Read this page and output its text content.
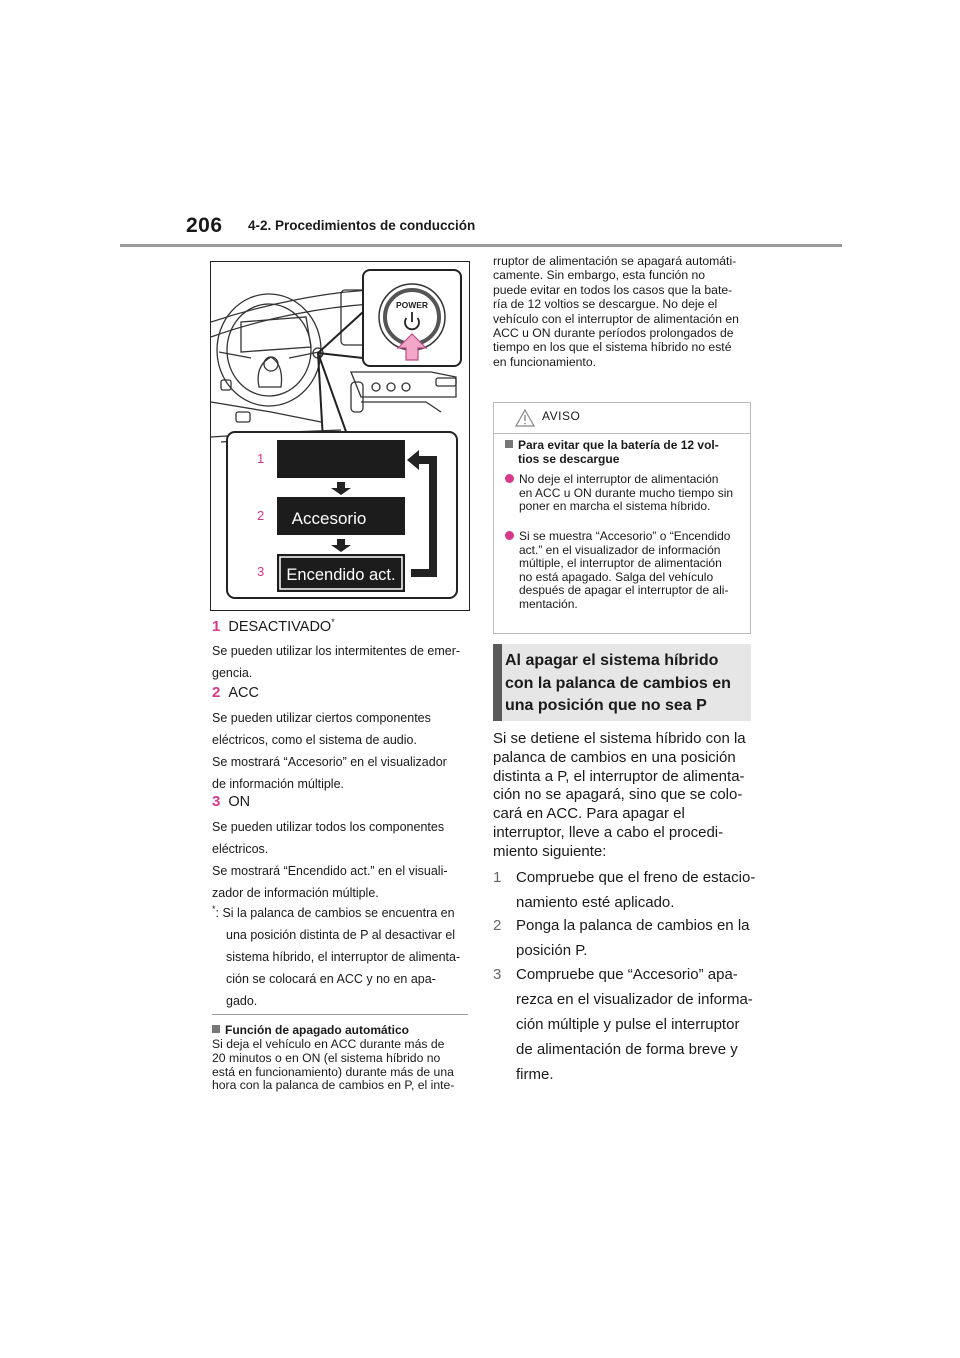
206 4-2. Procedimientos de conducción
POWER
1
2
3
Accesorio
Encendido act.
1 DESACTIVADO*
Se pueden utilizar los intermitentes de emer-
gencia.
2 ACC
Se pueden utilizar ciertos componentes
eléctricos, como el sistema de audio.
Se mostrará “Accesorio” en el visualizador
de información múltiple.
3 ON
Se pueden utilizar todos los componentes
eléctricos.
Se mostrará “Encendido act.” en el visuali-
zador de información múltiple.
*: Si la palanca de cambios se encuentra en
una posición distinta de P al desactivar el
sistema híbrido, el interruptor de alimenta-
ción se colocará en ACC y no en apa-
gado.
Función de apagado automático
Si deja el vehículo en ACC durante más de
20 minutos o en ON (el sistema híbrido no
está en funcionamiento) durante más de una
hora con la palanca de cambios en P, el inte-
rruptor de alimentación se apagará automáti-
camente. Sin embargo, esta función no
puede evitar en todos los casos que la bate-
ría de 12 voltios se descargue. No deje el
vehículo con el interruptor de alimentación en
ACC u ON durante períodos prolongados de
tiempo en los que el sistema híbrido no esté
en funcionamiento.
AVISO
Para evitar que la batería de 12 vol-
tios se descargue
No deje el interruptor de alimentación
en ACC u ON durante mucho tiempo sin
poner en marcha el sistema híbrido.
Si se muestra “Accesorio” o “Encendido
act.” en el visualizador de información
múltiple, el interruptor de alimentación
no está apagado. Salga del vehículo
después de apagar el interruptor de ali-
mentación.
Al apagar el sistema híbrido
con la palanca de cambios en
una posición que no sea P
Si se detiene el sistema híbrido con la
palanca de cambios en una posición
distinta a P, el interruptor de alimenta-
ción no se apagará, sino que se colo-
cará en ACC. Para apagar el
interruptor, lleve a cabo el procedi-
miento siguiente:
1 Compruebe que el freno de estacio-
namiento esté aplicado.
2 Ponga la palanca de cambios en la
posición P.
3 Compruebe que “Accesorio” apa-
rezca en el visualizador de informa-
ción múltiple y pulse el interruptor
de alimentación de forma breve y
firme.
